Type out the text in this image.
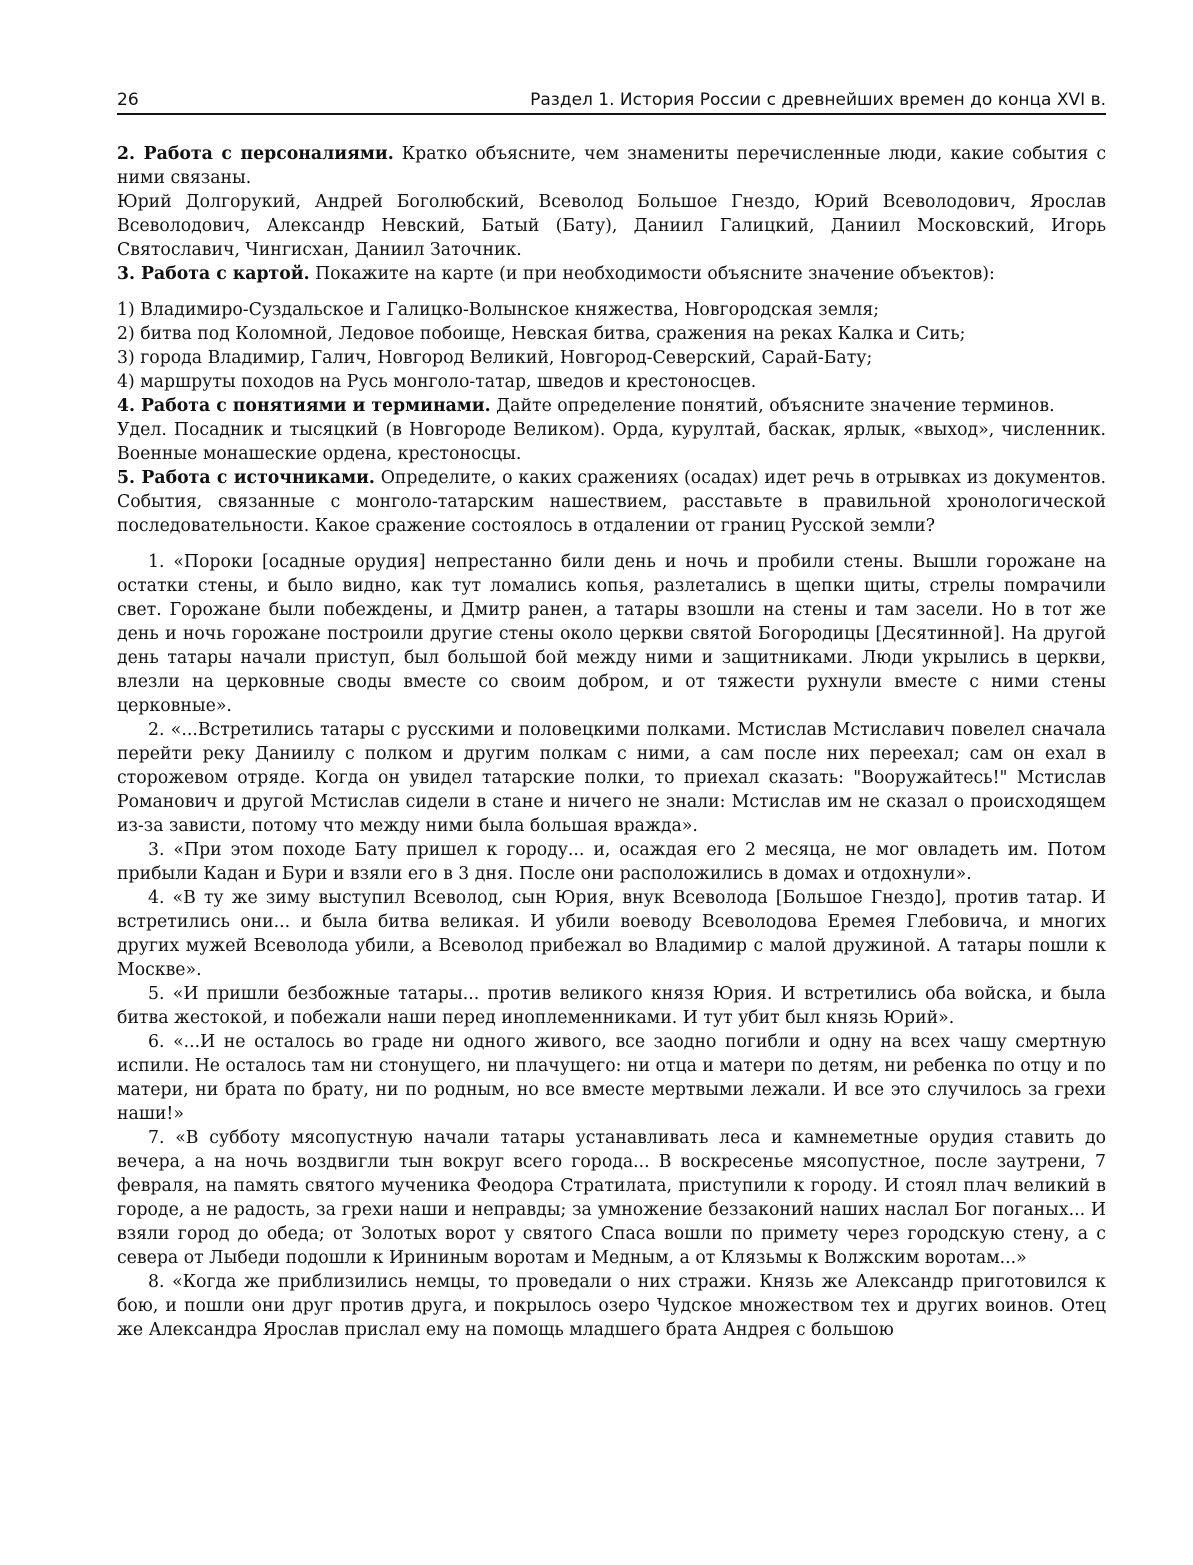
26	Раздел 1. История России с древнейших времен до конца XVI в.

2. Работа с персоналиями. Кратко объясните, чем знамениты перечисленные люди, какие события с ними связаны.

Юрий Долгорукий, Андрей Боголюбский, Всеволод Большое Гнездо, Юрий Всеволодович, Ярослав Всеволодович, Александр Невский, Батый (Бату), Даниил Галицкий, Даниил Московский, Игорь Святославич, Чингисхан, Даниил Заточник.

3. Работа с картой. Покажите на карте (и при необходимости объясните значение объектов):

1) Владимиро-Суздальское и Галицко-Волынское княжества, Новгородская земля;

2) битва под Коломной, Ледовое побоище, Невская битва, сражения на реках Калка и Сить;

3) города Владимир, Галич, Новгород Великий, Новгород-Северский, Сарай-Бату;

4) маршруты походов на Русь монголо-татар, шведов и крестоносцев.

4. Работа с понятиями и терминами. Дайте определение понятий, объясните значение терминов.

Удел. Посадник и тысяцкий (в Новгороде Великом). Орда, курултай, баскак, ярлык, «выход», численник. Военные монашеские ордена, крестоносцы.

5. Работа с источниками. Определите, о каких сражениях (осадах) идет речь в отрывках из документов. События, связанные с монголо-татарским нашествием, расставьте в правильной хронологической последовательности. Какое сражение состоялось в отдалении от границ Русской земли?

1. «Пороки [осадные орудия] непрестанно били день и ночь и пробили стены. Вышли горожане на остатки стены, и было видно, как тут ломались копья, разлетались в щепки щиты, стрелы помрачили свет. Горожане были побеждены, и Дмитр ранен, а татары взошли на стены и там засели. Но в тот же день и ночь горожане построили другие стены около церкви святой Богородицы [Десятинной]. На другой день татары начали приступ, был большой бой между ними и защитниками. Люди укрылись в церкви, влезли на церковные своды вместе со своим добром, и от тяжести рухнули вместе с ними стены церковные».

2. «...Встретились татары с русскими и половецкими полками. Мстислав Мстиславич повелел сначала перейти реку Даниилу с полком и другим полкам с ними, а сам после них переехал; сам он ехал в сторожевом отряде. Когда он увидел татарские полки, то приехал сказать: "Вооружайтесь!" Мстислав Романович и другой Мстислав сидели в стане и ничего не знали: Мстислав им не сказал о происходящем из-за зависти, потому что между ними была большая вражда».

3. «При этом походе Бату пришел к городу... и, осаждая его 2 месяца, не мог овладеть им. Потом прибыли Кадан и Бури и взяли его в 3 дня. После они расположились в домах и отдохнули».

4. «В ту же зиму выступил Всеволод, сын Юрия, внук Всеволода [Большое Гнездо], против татар. И встретились они... и была битва великая. И убили воеводу Всеволодова Еремея Глебовича, и многих других мужей Всеволода убили, а Всеволод прибежал во Владимир с малой дружиной. А татары пошли к Москве».

5. «И пришли безбожные татары... против великого князя Юрия. И встретились оба войска, и была битва жестокой, и побежали наши перед иноплеменниками. И тут убит был князь Юрий».

6. «...И не осталось во граде ни одного живого, все заодно погибли и одну на всех чашу смертную испили. Не осталось там ни стонущего, ни плачущего: ни отца и матери по детям, ни ребенка по отцу и по матери, ни брата по брату, ни по родным, но все вместе мертвыми лежали. И все это случилось за грехи наши!»

7. «В субботу мясопустную начали татары устанавливать леса и камнеметные орудия ставить до вечера, а на ночь воздвигли тын вокруг всего города... В воскресенье мясопустное, после заутрени, 7 февраля, на память святого мученика Феодора Стратилата, приступили к городу. И стоял плач великий в городе, а не радость, за грехи наши и неправды; за умножение беззаконий наших наслал Бог поганых... И взяли город до обеда; от Золотых ворот у святого Спаса вошли по примету через городскую стену, а с севера от Лыбеди подошли к Ирининым воротам и Медным, а от Клязьмы к Волжским воротам...»

8. «Когда же приблизились немцы, то проведали о них стражи. Князь же Александр приготовился к бою, и пошли они друг против друга, и покрылось озеро Чудское множеством тех и других воинов. Отец же Александра Ярослав прислал ему на помощь младшего брата Андрея с большою
